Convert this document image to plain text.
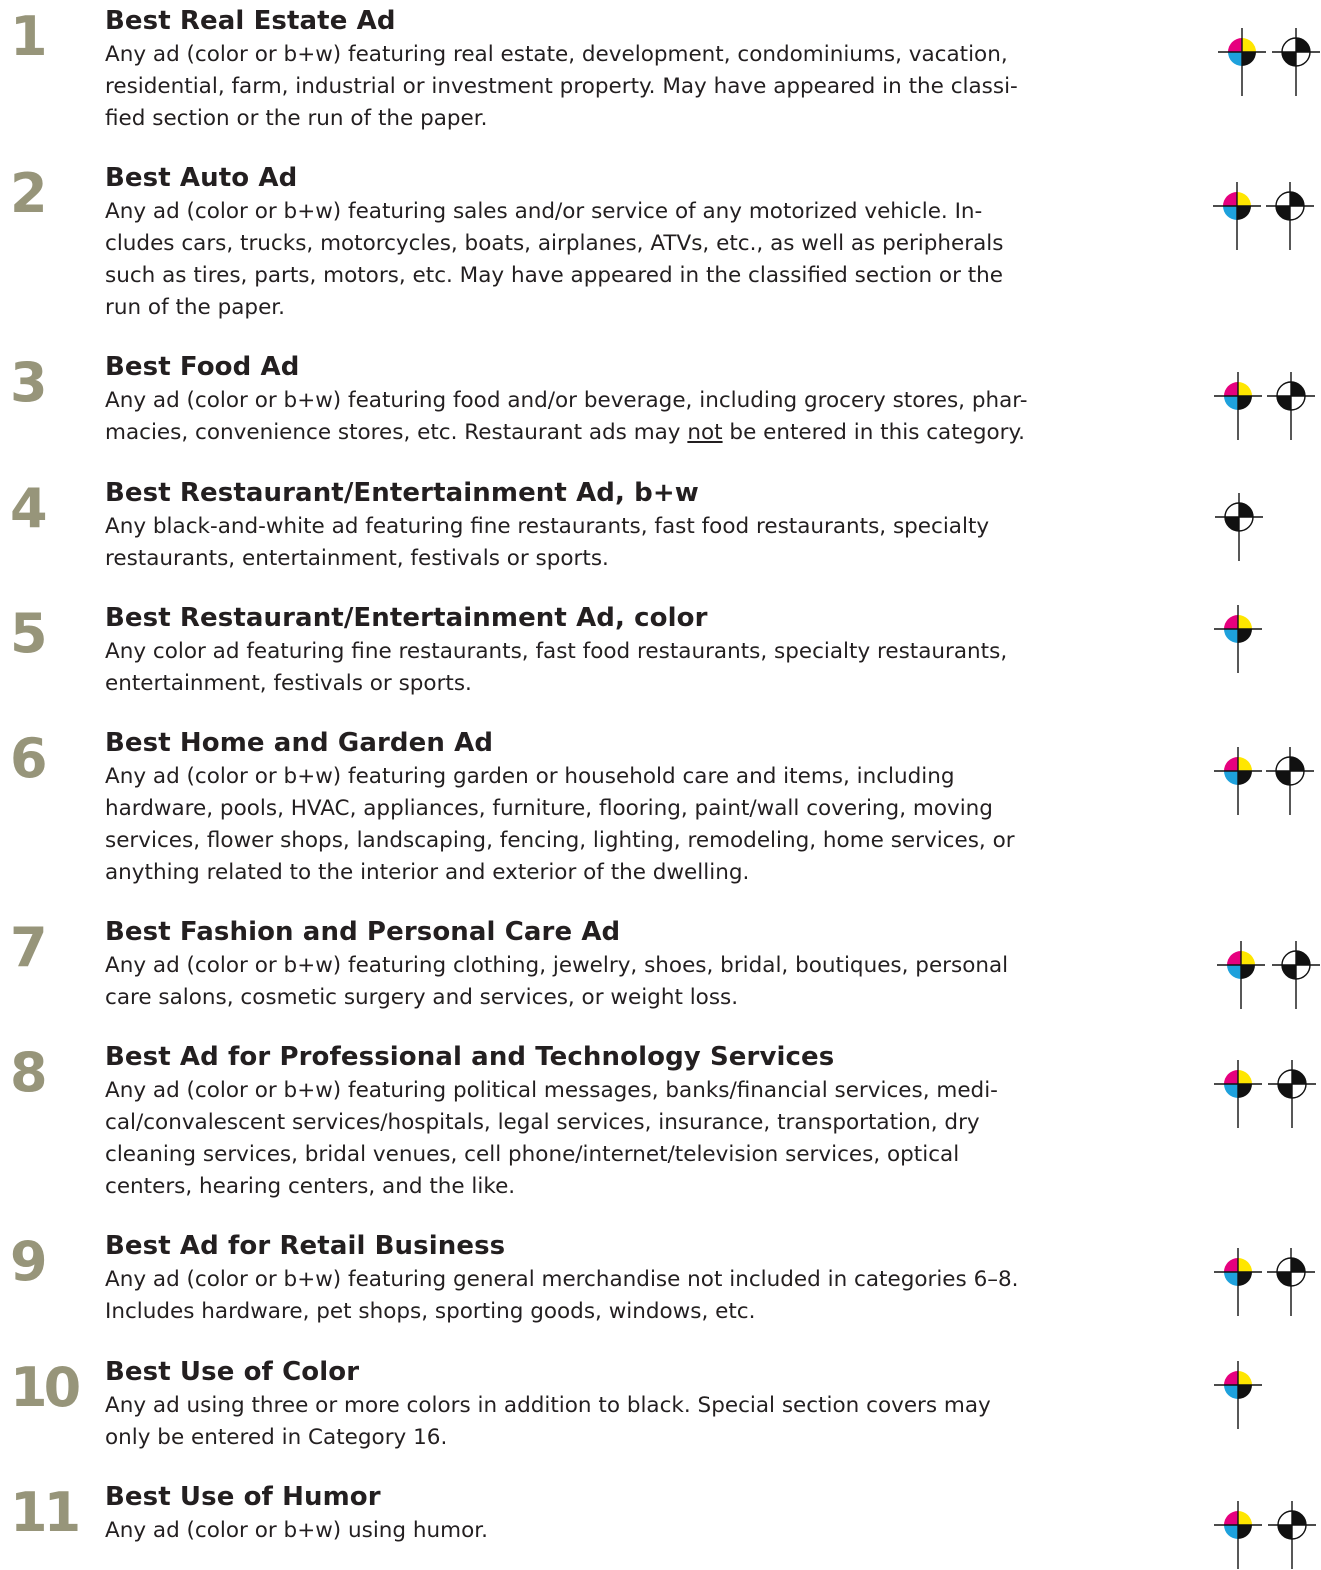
1 Best Real Estate Ad

Any ad (color or b+w) featuring real estate, development, condominiums, vacation,
residential, farm, industrial or investment property. May have appeared in the classi-
fied section or the run of the paper.

2 Best Auto Ad

Any ad (color or b+w) featuring sales and/or service of any motorized vehicle. In-
cludes cars, trucks, motorcycles, boats, airplanes, ATVs, etc., as well as peripherals
such as tires, parts, motors, etc. May have appeared in the classified section or the
run of the paper.

3 Best Food Ad

Any ad (color or b+w) featuring food and/or beverage, including grocery stores, phar-
macies, convenience stores, etc. Restaurant ads may not be entered in this category.

4 Best Restaurant/Entertainment Ad, b+w

Any black-and-white ad featuring fine restaurants, fast food restaurants, specialty
restaurants, entertainment, festivals or sports.

5 Best Restaurant/Entertainment Ad, color

Any color ad featuring fine restaurants, fast food restaurants, specialty restaurants,
entertainment, festivals or sports.

6 Best Home and Garden Ad

Any ad (color or b+w) featuring garden or household care and items, including
hardware, pools, HVAC, appliances, furniture, flooring, paint/wall covering, moving
services, flower shops, landscaping, fencing, lighting, remodeling, home services, or
anything related to the interior and exterior of the dwelling.

7 Best Fashion and Personal Care Ad

Any ad (color or b+w) featuring clothing, jewelry, shoes, bridal, boutiques, personal
care salons, cosmetic surgery and services, or weight loss.

8 Best Ad for Professional and Technology Services

Any ad (color or b+w) featuring political messages, banks/financial services, medi-
cal/convalescent services/hospitals, legal services, insurance, transportation, dry
cleaning services, bridal venues, cell phone/internet/television services, optical
centers, hearing centers, and the like.

9 Best Ad for Retail Business

Any ad (color or b+w) featuring general merchandise not included in categories 6–8.
Includes hardware, pet shops, sporting goods, windows, etc.

10 Best Use of Color

Any ad using three or more colors in addition to black. Special section covers may
only be entered in Category 16.

11 Best Use of Humor

Any ad (color or b+w) using humor.
